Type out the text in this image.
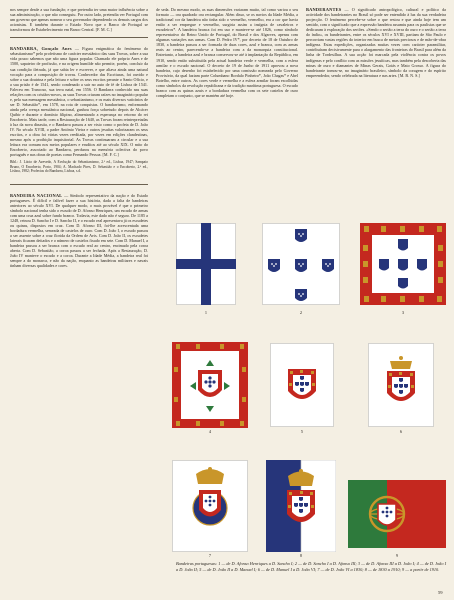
nos sempre desde a sua fundação; e que pretendia ter uma maior influência sobre a sua administração, o que não conseguiu. Por outro lado, pretendia ver Portugal com um governo que apenas nomear o seu governador dependendo os demais cargos dos acionistas. E também durante o Estado Novo que o Banco de Portugal se transformou de Estabelecimento em Banco Central. [F. M. C.]

BANDARRA, Gonçalo Anes — Figura enigmática do fenómeno do sebastianismo* pelo profetismo de carácter messiânico das suas Trovas, sobre a sua vida pouco sabemos que não uma figura popular. Chamado ele próprio Anes e de 1500, sapateiro de profissão, e na origem humilde não permite, porém, concluir da sua condição iletrada, já que sabia ler e escrever, e que aliava ainda uma natural vocação para a composição de trovas. Conhecedor das Escrituras, foi ouvido e sobre a sua doutrina e pela leitura e sobre os seus escritos perante o Santo Ofício, e a sua prisão é de 1541, sendo condenado a sair no auto de fé de Lisboa de 1541. Faleceu em Trancoso, sua terra natal, em 1556. O Bandarra conhecido nas suas relações com os cristãos-novos, as suas Trovas criaram raízes no imaginário popular e, pela sua mensagem messiânica, o sebastianismo, e os mais diversos vaticínios de ser D. Sebastião*, em 1578, na rota de conquistas. O bandarrismo, enformando ainda pela crença messiânica nacional, ganhou força sobretudo depois de Alcácer Quibir e durante o domínio filipino, alimentando a esperança no retorno do rei Encoberto. Mais tarde, com a Restauração de 1640, as Trovas foram reinterpretadas à luz da nova dinastia, e o Bandarra passou a ser visto como o profeta de D. João IV. No século XVIII, o padre António Vieira e outros jesuítas valorizaram os seus escritos, e a obra foi várias vezes reeditada, por vezes em edições clandestinas, mesmo após a proibição inquisitorial. As Trovas continuaram a circular e a sua leitura era comum nos meios populares e eruditos até ao século XIX. O mito do Encoberto, associado ao Bandarra, perdurou na memória colectiva do povo português e nas obras de poetas como Fernando Pessoa. [M. F. C.]

Bibl.: J. Lúcio de Azevedo, A Evolução do Sebastianismo, 2.ª ed., Lisboa, 1947; Sampaio Bruno, O Encoberto, Porto, 1904; A. Machado Pires, D. Sebastião e o Encoberto, 2.ª ed., Lisboa, 1982; Profecias do Bandarra, Lisboa, s.d.

BANDEIRA NACIONAL — Símbolo representativo da nação e do Estado portugueses. É difícil e falível fazer a sua história, dada a falta de bandeiras anteriores ao século XVI. De qualquer modo, o mais provável é que o primeiro símbolo nacional tenha sido o escudo de D. Afonso Henriques, um escudo de armas com uma cruz azul sobre fundo branco. Todavia, este dado não é seguro. De 1185 a 1248, reinou D. Sancho I e D. Sancho II, e o escudo real apresentava já os escudetes ou quinas, dispostos em cruz. Com D. Afonso III, foi-lhe acrescentada uma bordadura vermelha, semeada de castelos de ouro. Com D. João I, o escudo passou a ser assente sobre a cruz florida da Ordem de Avis. Com D. João II, os escudetes laterais ficaram deitados e o número de castelos fixado em sete. Com D. Manuel I, a bandeira passou a ser branca com o escudo real ao centro, encimado pela coroa aberta. Com D. Sebastião, a coroa passou a ser fechada. Após a Restauração, D. João IV manteve o escudo e a coroa. Durante a Idade Média, a bandeira real foi sempre a do monarca, e não da nação, enquanto as bandeiras militares e navais tinham diversas qualidades e cores.

de seda. Do mesmo modo, as suas dimensões variaram muito, tal como variou o seu formato — ora quadrado ora rectangular. Além disso, se os navios da Idade Média, a tradicional cor da bandeira não tinha sido o vermelho, vermelho, era a cor que havia então a ser empregue e vermelho, surgiria assim a insígnia de cavaleiros e escudeiros*. A bandeira branca foi em uso e manteve-se até 1826, como símbolo representativo do Reino Unido de Portugal, do Brasil e dos Algarves, apenas com algumas variações nas armas. Com D. Pedro IV*, por decreto de 18 de Outubro de 1830, a bandeira passou a ser formada de duas cores, azul e branca, com as armas reais ao centro, parecendo-se a bandeira com a da monarquia constitucional. Entretanto, a bandeira azul e branca conservou-se até à implantação da República, em 1910, sendo então substituída pela actual bandeira verde e vermelha, com a esfera armilar e o escudo nacional. O decreto de 19 de Junho de 1911 aprovou a nova bandeira, cujo desenho foi estabelecido por uma comissão nomeada pelo Governo Provisório, da qual faziam parte Columbano Bordalo Pinheiro*, João Chagas* e Abel Botelho, entre outros. As cores verde e vermelha e a esfera armilar foram escolhidas como símbolos da revolução republicana e da tradição marítima portuguesa. O escudo branco com as quinas azuis e a bordadura vermelha com os sete castelos de ouro completam o conjunto, que se mantém até hoje.

BANDERANTES — O significado antropológico, cultural e político da actividade dos bandeirantes no Brasil só pode ser entendido à luz da sua verdadeira projecção. O fenómeno percebe-se sobre o que restou e que ainda hoje tem um sentido, com o significado que a expressão bandeira assumiu para os paulistas que se dedicaram à exploração dos sertões. «Sendo o sertão a terra do ouro e o sertão a terra do índio», os bandeirantes, entre os séculos XVI e XVIII, partiam de São Paulo e percorriam vastas regiões do interior em busca de metais preciosos e de mão-de-obra indígena. Estas expedições, organizadas muitas vezes com carácter paramilitar, contribuíram decisivamente para o alargamento das fronteiras do Brasil para além da linha de Tordesilhas. A sua acção foi marcada pela violência contra os povos indígenas e pelo conflito com as missões jesuíticas, mas também pela descoberta das minas de ouro e diamantes de Minas Gerais, Goiás e Mato Grosso. A figura do bandeirante tornou-se, no imaginário brasileiro, símbolo da coragem e do espírito empreendedor, sendo celebrada na literatura e nas artes. [M. B. N. S.]

1	2	3
4	5	6
7	8	9
Bandeiras portuguesas: 1 — de D. Afonso Henriques a D. Sancho I; 2 — de D. Sancho I a D. Afonso III; 3 — de D. Afonso III a D. João I; 4 — de D. João I a D. João II; 5 — de D. João II a D. Manuel I; 6 — de D. Manuel I a D. João VI; 7 — de D. João VI a 1830; 8 — de 1830 a 1910; 9 — a partir de 1910.
59
